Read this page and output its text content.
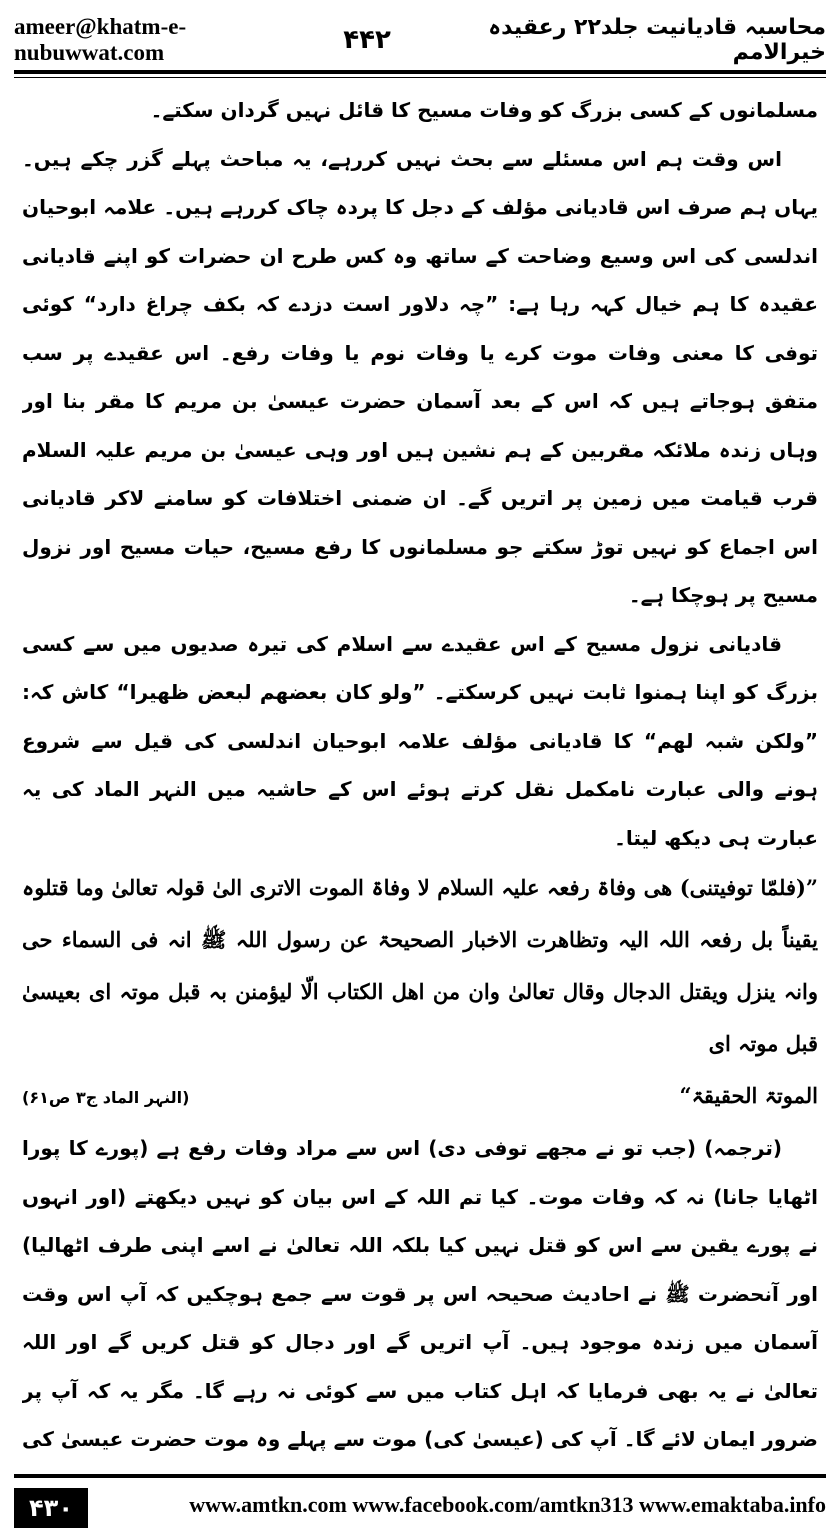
ameer@khatm-e-nubuwwat.com	۴۴۲	محاسبہ قادیانیت جلد۲۲ رعقیدہ خیرالامم

مسلمانوں کے کسی بزرگ کو وفات مسیح کا قائل نہیں گردان سکتے۔

اس وقت ہم اس مسئلے سے بحث نہیں کررہے، یہ مباحث پہلے گزر چکے ہیں۔ یہاں ہم صرف اس قادیانی مؤلف کے دجل کا پردہ چاک کررہے ہیں۔ علامہ ابوحیان اندلسی کی اس وسیع وضاحت کے ساتھ وہ کس طرح ان حضرات کو اپنے قادیانی عقیدہ کا ہم خیال کہہ رہا ہے: ”چہ دلاور است دزدے کہ بکف چراغ دارد“ کوئی توفی کا معنی وفات موت کرے یا وفات نوم یا وفات رفع۔ اس عقیدے پر سب متفق ہوجاتے ہیں کہ اس کے بعد آسمان حضرت عیسیٰ بن مریم کا مقر بنا اور وہاں زندہ ملائکہ مقربین کے ہم نشین ہیں اور وہی عیسیٰ بن مریم علیہ السلام قرب قیامت میں زمین پر اتریں گے۔ ان ضمنی اختلافات کو سامنے لاکر قادیانی اس اجماع کو نہیں توڑ سکتے جو مسلمانوں کا رفع مسیح، حیات مسیح اور نزول مسیح پر ہوچکا ہے۔

قادیانی نزول مسیح کے اس عقیدے سے اسلام کی تیرہ صدیوں میں سے کسی بزرگ کو اپنا ہمنوا ثابت نہیں کرسکتے۔ ”ولو کان بعضھم لبعض ظھیرا“ کاش کہ: ”ولکن شبہ لھم“ کا قادیانی مؤلف علامہ ابوحیان اندلسی کی قیل سے شروع ہونے والی عبارت نامکمل نقل کرتے ہوئے اس کے حاشیہ میں النہر الماد کی یہ عبارت ہی دیکھ لیتا۔

”(فلمّا توفیتنی) ھی وفاۃ رفعہ علیہ السلام لا وفاۃ الموت الاتری الیٰ قولہ تعالیٰ وما قتلوہ یقیناً بل رفعہ اللہ الیہ وتظاھرت الاخبار الصحیحۃ عن رسول اللہ ﷺ انہ فی السماء حی وانہ ینزل ویقتل الدجال وقال تعالیٰ وان من اھل الکتاب الّا لیؤمنن بہ قبل موتہ ای بعیسیٰ قبل موتہ ای

الموتۃ الحقیقۃ“
(النہر الماد ج۳ ص۶۱)

(ترجمہ) (جب تو نے مجھے توفی دی) اس سے مراد وفات رفع ہے (پورے کا پورا اٹھایا جانا) نہ کہ وفات موت۔ کیا تم اللہ کے اس بیان کو نہیں دیکھتے (اور انہوں نے پورے یقین سے اس کو قتل نہیں کیا بلکہ اللہ تعالیٰ نے اسے اپنی طرف اٹھالیا) اور آنحضرت ﷺ نے احادیث صحیحہ اس پر قوت سے جمع ہوچکیں کہ آپ اس وقت آسمان میں زندہ موجود ہیں۔ آپ اتریں گے اور دجال کو قتل کریں گے اور اللہ تعالیٰ نے یہ بھی فرمایا کہ اہل کتاب میں سے کوئی نہ رہے گا۔ مگر یہ کہ آپ پر ضرور ایمان لائے گا۔ آپ کی (عیسیٰ کی) موت سے پہلے وہ موت حضرت عیسیٰ کی

۴۳۰	www.amtkn.com www.facebook.com/amtkn313 www.emaktaba.info
